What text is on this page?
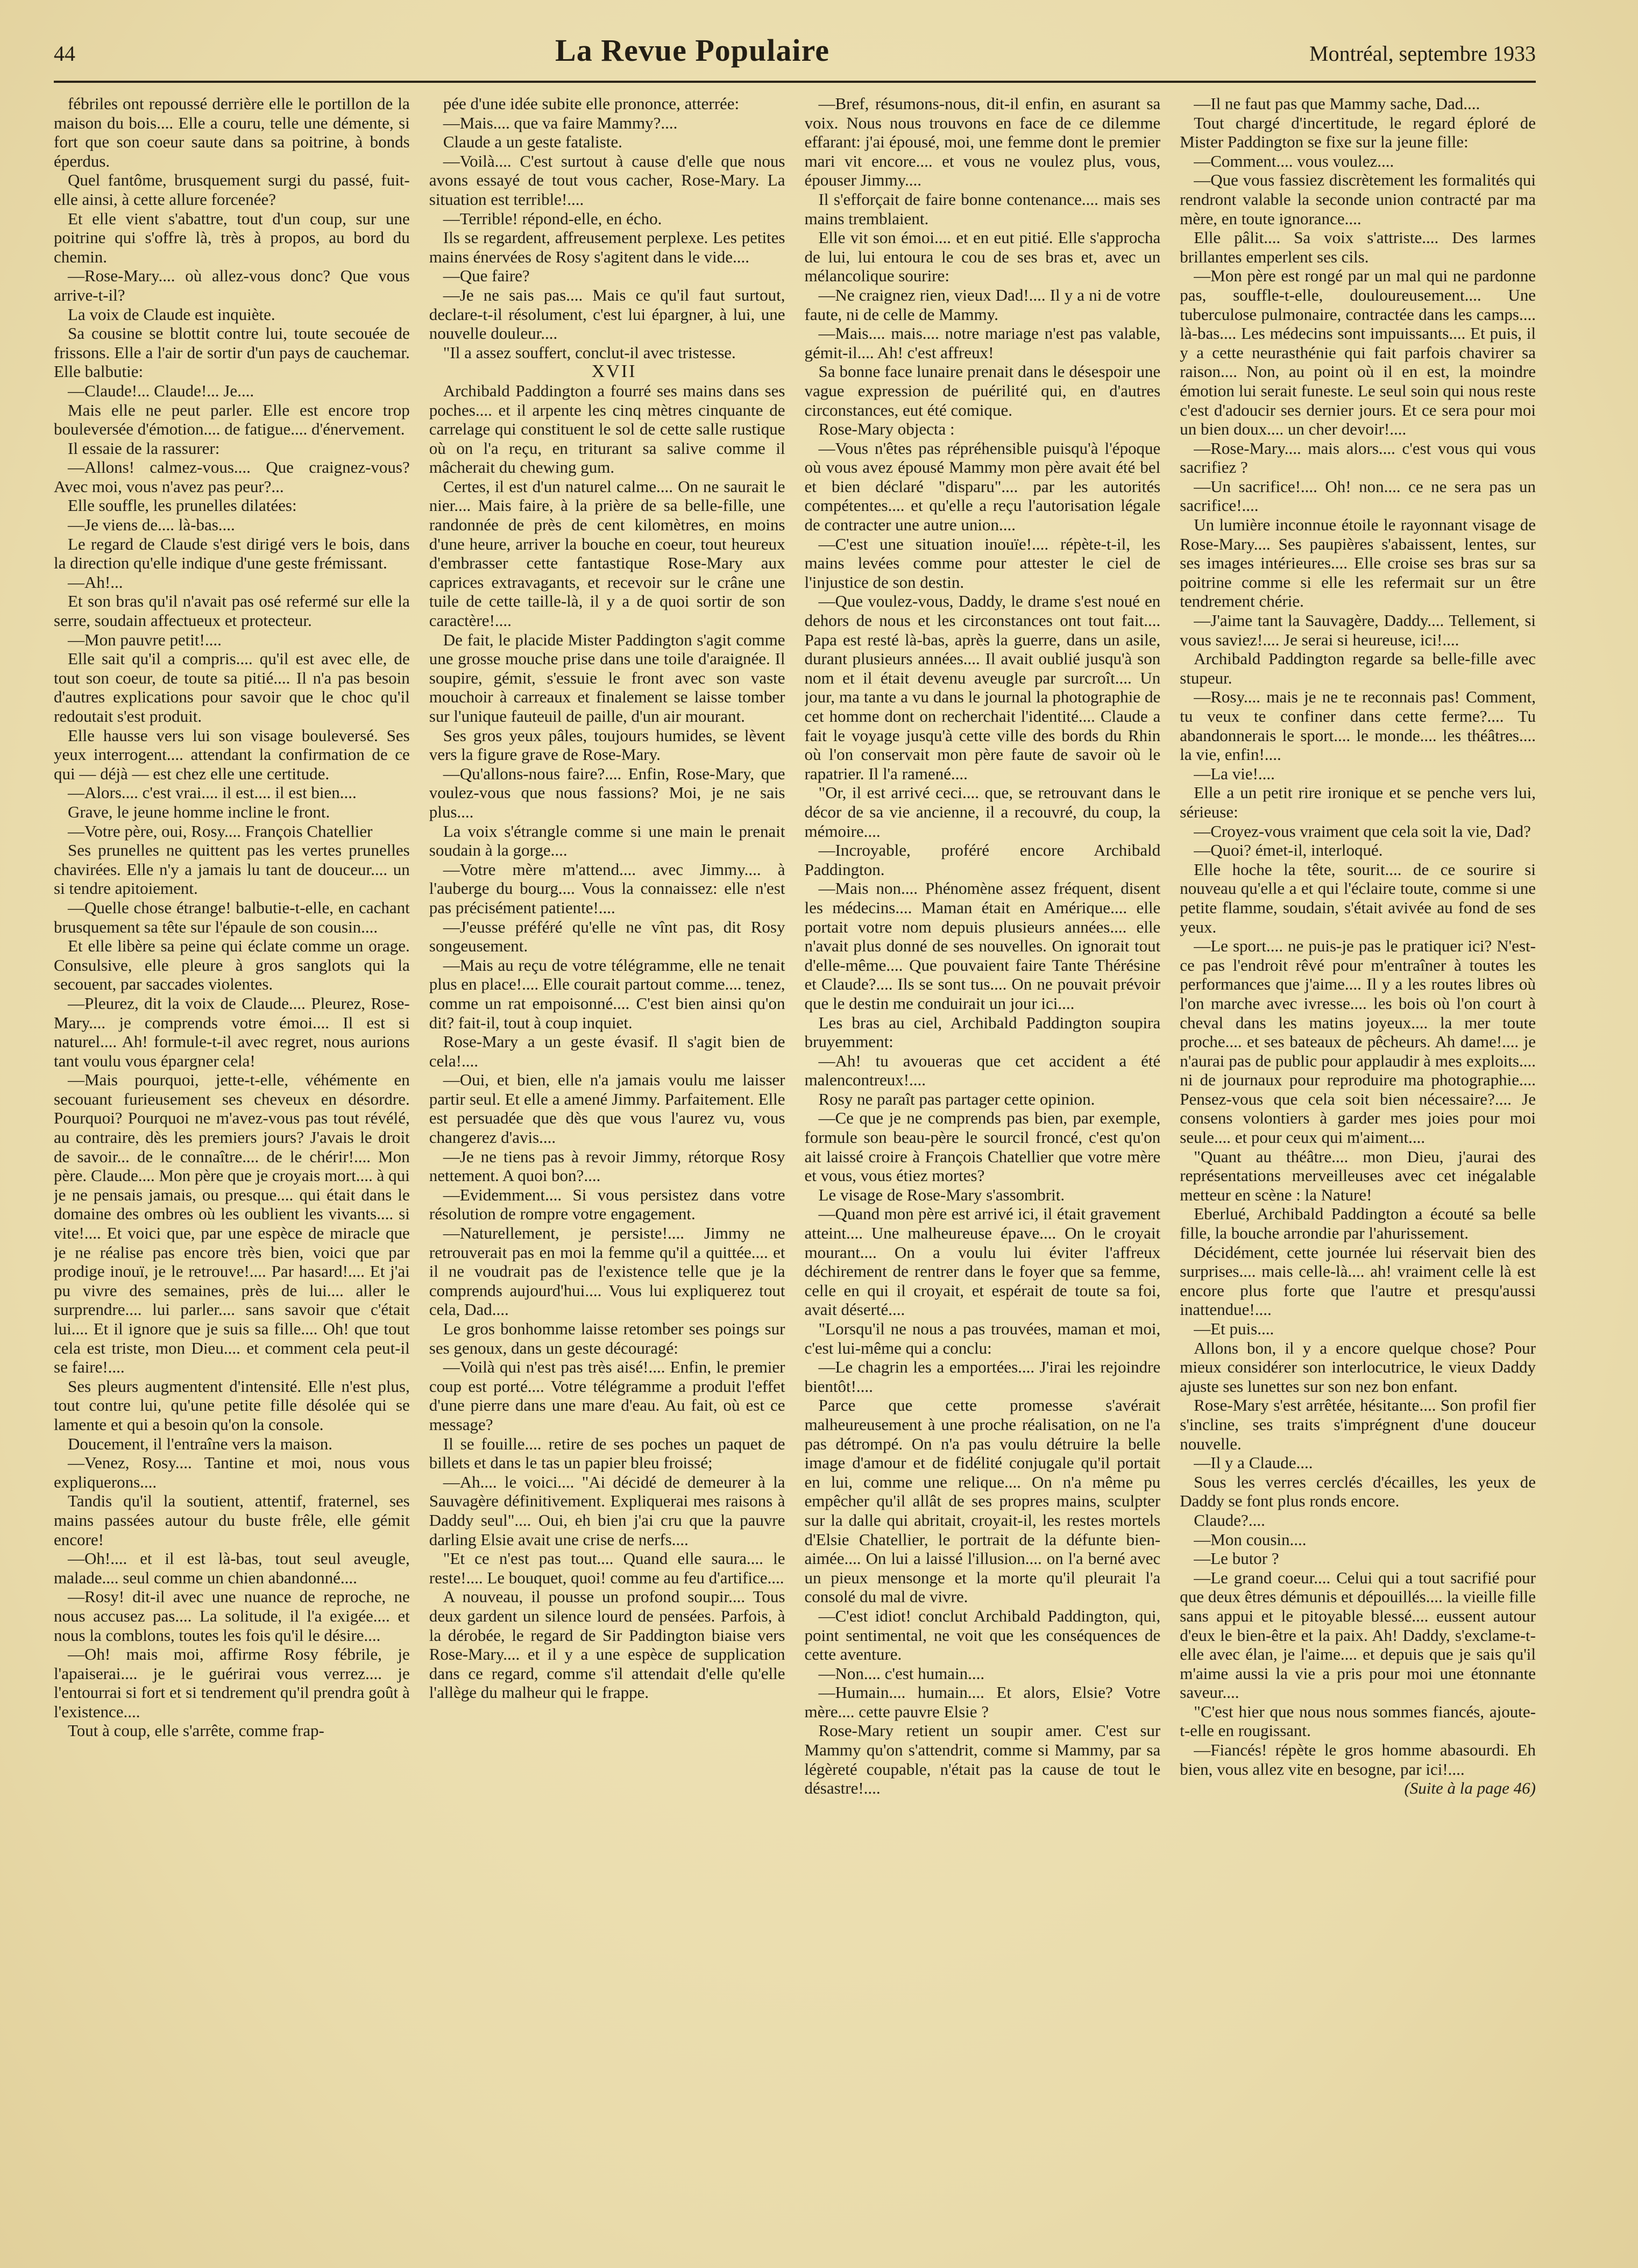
44	La Revue Populaire	Montréal, septembre 1933

fébriles ont repoussé derrière elle le portillon de la maison du bois.... Elle a couru, telle une démente, si fort que son coeur saute dans sa poitrine, à bonds éperdus.

Quel fantôme, brusquement surgi du passé, fuit-elle ainsi, à cette allure forcenée?

Et elle vient s'abattre, tout d'un coup, sur une poitrine qui s'offre là, très à propos, au bord du chemin.

—Rose-Mary.... où allez-vous donc? Que vous arrive-t-il?

La voix de Claude est inquiète.

Sa cousine se blottit contre lui, toute secouée de frissons. Elle a l'air de sortir d'un pays de cauchemar. Elle balbutie:

—Claude!... Claude!... Je....

Mais elle ne peut parler. Elle est encore trop bouleversée d'émotion.... de fatigue.... d'énervement.

Il essaie de la rassurer:

—Allons! calmez-vous.... Que craignez-vous? Avec moi, vous n'avez pas peur?...

Elle souffle, les prunelles dilatées:

—Je viens de.... là-bas....

Le regard de Claude s'est dirigé vers le bois, dans la direction qu'elle indique d'une geste frémissant.

—Ah!...

Et son bras qu'il n'avait pas osé refermé sur elle la serre, soudain affectueux et protecteur.

—Mon pauvre petit!....

Elle sait qu'il a compris.... qu'il est avec elle, de tout son coeur, de toute sa pitié.... Il n'a pas besoin d'autres explications pour savoir que le choc qu'il redoutait s'est produit.

Elle hausse vers lui son visage bouleversé. Ses yeux interrogent.... attendant la confirmation de ce qui — déjà — est chez elle une certitude.

—Alors.... c'est vrai.... il est.... il est bien....

Grave, le jeune homme incline le front.

—Votre père, oui, Rosy.... François Chatellier

Ses prunelles ne quittent pas les vertes prunelles chavirées. Elle n'y a jamais lu tant de douceur.... un si tendre apitoiement.

—Quelle chose étrange! balbutie-t-elle, en cachant brusquement sa tête sur l'épaule de son cousin....

Et elle libère sa peine qui éclate comme un orage. Consulsive, elle pleure à gros sanglots qui la secouent, par saccades violentes.

—Pleurez, dit la voix de Claude.... Pleurez, Rose-Mary.... je comprends votre émoi.... Il est si naturel.... Ah! formule-t-il avec regret, nous aurions tant voulu vous épargner cela!

—Mais pourquoi, jette-t-elle, véhémente en secouant furieusement ses cheveux en désordre. Pourquoi? Pourquoi ne m'avez-vous pas tout révélé, au contraire, dès les premiers jours? J'avais le droit de savoir... de le connaître.... de le chérir!.... Mon père. Claude.... Mon père que je croyais mort.... à qui je ne pensais jamais, ou presque.... qui était dans le domaine des ombres où les oublient les vivants.... si vite!.... Et voici que, par une espèce de miracle que je ne réalise pas encore très bien, voici que par prodige inouï, je le retrouve!.... Par hasard!.... Et j'ai pu vivre des semaines, près de lui.... aller le surprendre.... lui parler.... sans savoir que c'était lui.... Et il ignore que je suis sa fille.... Oh! que tout cela est triste, mon Dieu.... et comment cela peut-il se faire!....

Ses pleurs augmentent d'intensité. Elle n'est plus, tout contre lui, qu'une petite fille désolée qui se lamente et qui a besoin qu'on la console.

Doucement, il l'entraîne vers la maison.

—Venez, Rosy.... Tantine et moi, nous vous expliquerons....

Tandis qu'il la soutient, attentif, fraternel, ses mains passées autour du buste frêle, elle gémit encore!

—Oh!.... et il est là-bas, tout seul aveugle, malade.... seul comme un chien abandonné....

—Rosy! dit-il avec une nuance de reproche, ne nous accusez pas.... La solitude, il l'a exigée.... et nous la comblons, toutes les fois qu'il le désire....

—Oh! mais moi, affirme Rosy fébrile, je l'apaiserai.... je le guérirai vous verrez.... je l'entourrai si fort et si tendrement qu'il prendra goût à l'existence....

Tout à coup, elle s'arrête, comme frap-

pée d'une idée subite elle prononce, atterrée:

—Mais.... que va faire Mammy?....

Claude a un geste fataliste.

—Voilà.... C'est surtout à cause d'elle que nous avons essayé de tout vous cacher, Rose-Mary. La situation est terrible!....

—Terrible! répond-elle, en écho.

Ils se regardent, affreusement perplexe. Les petites mains énervées de Rosy s'agitent dans le vide....

—Que faire?

—Je ne sais pas.... Mais ce qu'il faut surtout, declare-t-il résolument, c'est lui épargner, à lui, une nouvelle douleur....

"Il a assez souffert, conclut-il avec tristesse.

XVII

Archibald Paddington a fourré ses mains dans ses poches.... et il arpente les cinq mètres cinquante de carrelage qui constituent le sol de cette salle rustique où on l'a reçu, en triturant sa salive comme il mâcherait du chewing gum.

Certes, il est d'un naturel calme.... On ne saurait le nier.... Mais faire, à la prière de sa belle-fille, une randonnée de près de cent kilomètres, en moins d'une heure, arriver la bouche en coeur, tout heureux d'embrasser cette fantastique Rose-Mary aux caprices extravagants, et recevoir sur le crâne une tuile de cette taille-là, il y a de quoi sortir de son caractère!....

De fait, le placide Mister Paddington s'agit comme une grosse mouche prise dans une toile d'araignée. Il soupire, gémit, s'essuie le front avec son vaste mouchoir à carreaux et finalement se laisse tomber sur l'unique fauteuil de paille, d'un air mourant.

Ses gros yeux pâles, toujours humides, se lèvent vers la figure grave de Rose-Mary.

—Qu'allons-nous faire?.... Enfin, Rose-Mary, que voulez-vous que nous fassions? Moi, je ne sais plus....

La voix s'étrangle comme si une main le prenait soudain à la gorge....

—Votre mère m'attend.... avec Jimmy.... à l'auberge du bourg.... Vous la connaissez: elle n'est pas précisément patiente!....

—J'eusse préféré qu'elle ne vînt pas, dit Rosy songeusement.

—Mais au reçu de votre télégramme, elle ne tenait plus en place!.... Elle courait partout comme.... tenez, comme un rat empoisonné.... C'est bien ainsi qu'on dit? fait-il, tout à coup inquiet.

Rose-Mary a un geste évasif. Il s'agit bien de cela!....

—Oui, et bien, elle n'a jamais voulu me laisser partir seul. Et elle a amené Jimmy. Parfaitement. Elle est persuadée que dès que vous l'aurez vu, vous changerez d'avis....

—Je ne tiens pas à revoir Jimmy, rétorque Rosy nettement. A quoi bon?....

—Evidemment.... Si vous persistez dans votre résolution de rompre votre engagement.

—Naturellement, je persiste!.... Jimmy ne retrouverait pas en moi la femme qu'il a quittée.... et il ne voudrait pas de l'existence telle que je la comprends aujourd'hui.... Vous lui expliquerez tout cela, Dad....

Le gros bonhomme laisse retomber ses poings sur ses genoux, dans un geste découragé:

—Voilà qui n'est pas très aisé!.... Enfin, le premier coup est porté.... Votre télégramme a produit l'effet d'une pierre dans une mare d'eau. Au fait, où est ce message?

Il se fouille.... retire de ses poches un paquet de billets et dans le tas un papier bleu froissé;

—Ah.... le voici.... "Ai décidé de demeurer à la Sauvagère définitivement. Expliquerai mes raisons à Daddy seul".... Oui, eh bien j'ai cru que la pauvre darling Elsie avait une crise de nerfs....

"Et ce n'est pas tout.... Quand elle saura.... le reste!.... Le bouquet, quoi! comme au feu d'artifice....

A nouveau, il pousse un profond soupir.... Tous deux gardent un silence lourd de pensées. Parfois, à la dérobée, le regard de Sir Paddington biaise vers Rose-Mary.... et il y a une espèce de supplication dans ce regard, comme s'il attendait d'elle qu'elle l'allège du malheur qui le frappe.

—Bref, résumons-nous, dit-il enfin, en asurant sa voix. Nous nous trouvons en face de ce dilemme effarant: j'ai épousé, moi, une femme dont le premier mari vit encore.... et vous ne voulez plus, vous, épouser Jimmy....

Il s'efforçait de faire bonne contenance.... mais ses mains tremblaient.

Elle vit son émoi.... et en eut pitié. Elle s'approcha de lui, lui entoura le cou de ses bras et, avec un mélancolique sourire:

—Ne craignez rien, vieux Dad!.... Il y a ni de votre faute, ni de celle de Mammy.

—Mais.... mais.... notre mariage n'est pas valable, gémit-il.... Ah! c'est affreux!

Sa bonne face lunaire prenait dans le désespoir une vague expression de puérilité qui, en d'autres circonstances, eut été comique.

Rose-Mary objecta :

—Vous n'êtes pas répréhensible puisqu'à l'époque où vous avez épousé Mammy mon père avait été bel et bien déclaré "disparu".... par les autorités compétentes.... et qu'elle a reçu l'autorisation légale de contracter une autre union....

—C'est une situation inouïe!.... répète-t-il, les mains levées comme pour attester le ciel de l'injustice de son destin.

—Que voulez-vous, Daddy, le drame s'est noué en dehors de nous et les circonstances ont tout fait.... Papa est resté là-bas, après la guerre, dans un asile, durant plusieurs années.... Il avait oublié jusqu'à son nom et il était devenu aveugle par surcroît.... Un jour, ma tante a vu dans le journal la photographie de cet homme dont on recherchait l'identité.... Claude a fait le voyage jusqu'à cette ville des bords du Rhin où l'on conservait mon père faute de savoir où le rapatrier. Il l'a ramené....

"Or, il est arrivé ceci.... que, se retrouvant dans le décor de sa vie ancienne, il a recouvré, du coup, la mémoire....

—Incroyable, proféré encore Archibald Paddington.

—Mais non.... Phénomène assez fréquent, disent les médecins.... Maman était en Amérique.... elle portait votre nom depuis plusieurs années.... elle n'avait plus donné de ses nouvelles. On ignorait tout d'elle-même.... Que pouvaient faire Tante Thérésine et Claude?.... Ils se sont tus.... On ne pouvait prévoir que le destin me conduirait un jour ici....

Les bras au ciel, Archibald Paddington soupira bruyemment:

—Ah! tu avoueras que cet accident a été malencontreux!....

Rosy ne paraît pas partager cette opinion.

—Ce que je ne comprends pas bien, par exemple, formule son beau-père le sourcil froncé, c'est qu'on ait laissé croire à François Chatellier que votre mère et vous, vous étiez mortes?

Le visage de Rose-Mary s'assombrit.

—Quand mon père est arrivé ici, il était gravement atteint.... Une malheureuse épave.... On le croyait mourant.... On a voulu lui éviter l'affreux déchirement de rentrer dans le foyer que sa femme, celle en qui il croyait, et espérait de toute sa foi, avait déserté....

"Lorsqu'il ne nous a pas trouvées, maman et moi, c'est lui-même qui a conclu:

—Le chagrin les a emportées.... J'irai les rejoindre bientôt!....

Parce que cette promesse s'avérait malheureusement à une proche réalisation, on ne l'a pas détrompé. On n'a pas voulu détruire la belle image d'amour et de fidélité conjugale qu'il portait en lui, comme une relique.... On n'a même pu empêcher qu'il allât de ses propres mains, sculpter sur la dalle qui abritait, croyait-il, les restes mortels d'Elsie Chatellier, le portrait de la défunte bien-aimée.... On lui a laissé l'illusion.... on l'a berné avec un pieux mensonge et la morte qu'il pleurait l'a consolé du mal de vivre.

—C'est idiot! conclut Archibald Paddington, qui, point sentimental, ne voit que les conséquences de cette aventure.

—Non.... c'est humain....

—Humain.... humain.... Et alors, Elsie? Votre mère.... cette pauvre Elsie ?

Rose-Mary retient un soupir amer. C'est sur Mammy qu'on s'attendrit, comme si Mammy, par sa légèreté coupable, n'était pas la cause de tout le désastre!....

—Il ne faut pas que Mammy sache, Dad....

Tout chargé d'incertitude, le regard éploré de Mister Paddington se fixe sur la jeune fille:

—Comment.... vous voulez....

—Que vous fassiez discrètement les formalités qui rendront valable la seconde union contracté par ma mère, en toute ignorance....

Elle pâlit.... Sa voix s'attriste.... Des larmes brillantes emperlent ses cils.

—Mon père est rongé par un mal qui ne pardonne pas, souffle-t-elle, douloureusement.... Une tuberculose pulmonaire, contractée dans les camps.... là-bas.... Les médecins sont impuissants.... Et puis, il y a cette neurasthénie qui fait parfois chavirer sa raison.... Non, au point où il en est, la moindre émotion lui serait funeste. Le seul soin qui nous reste c'est d'adoucir ses dernier jours. Et ce sera pour moi un bien doux.... un cher devoir!....

—Rose-Mary.... mais alors.... c'est vous qui vous sacrifiez ?

—Un sacrifice!.... Oh! non.... ce ne sera pas un sacrifice!....

Un lumière inconnue étoile le rayonnant visage de Rose-Mary.... Ses paupières s'abaissent, lentes, sur ses images intérieures.... Elle croise ses bras sur sa poitrine comme si elle les refermait sur un être tendrement chérie.

—J'aime tant la Sauvagère, Daddy.... Tellement, si vous saviez!.... Je serai si heureuse, ici!....

Archibald Paddington regarde sa belle-fille avec stupeur.

—Rosy.... mais je ne te reconnais pas! Comment, tu veux te confiner dans cette ferme?.... Tu abandonnerais le sport.... le monde.... les théâtres.... la vie, enfin!....

—La vie!....

Elle a un petit rire ironique et se penche vers lui, sérieuse:

—Croyez-vous vraiment que cela soit la vie, Dad?

—Quoi? émet-il, interloqué.

Elle hoche la tête, sourit.... de ce sourire si nouveau qu'elle a et qui l'éclaire toute, comme si une petite flamme, soudain, s'était avivée au fond de ses yeux.

—Le sport.... ne puis-je pas le pratiquer ici? N'est-ce pas l'endroit rêvé pour m'entraîner à toutes les performances que j'aime.... Il y a les routes libres où l'on marche avec ivresse.... les bois où l'on court à cheval dans les matins joyeux.... la mer toute proche.... et ses bateaux de pêcheurs. Ah dame!.... je n'aurai pas de public pour applaudir à mes exploits.... ni de journaux pour reproduire ma photographie.... Pensez-vous que cela soit bien nécessaire?.... Je consens volontiers à garder mes joies pour moi seule.... et pour ceux qui m'aiment....

"Quant au théâtre.... mon Dieu, j'aurai des représentations merveilleuses avec cet inégalable metteur en scène : la Nature!

Eberlué, Archibald Paddington a écouté sa belle fille, la bouche arrondie par l'ahurissement.

Décidément, cette journée lui réservait bien des surprises.... mais celle-là.... ah! vraiment celle là est encore plus forte que l'autre et presqu'aussi inattendue!....

—Et puis....

Allons bon, il y a encore quelque chose? Pour mieux considérer son interlocutrice, le vieux Daddy ajuste ses lunettes sur son nez bon enfant.

Rose-Mary s'est arrêtée, hésitante.... Son profil fier s'incline, ses traits s'imprégnent d'une douceur nouvelle.

—Il y a Claude....

Sous les verres cerclés d'écailles, les yeux de Daddy se font plus ronds encore.

Claude?....

—Mon cousin....

—Le butor ?

—Le grand coeur.... Celui qui a tout sacrifié pour que deux êtres démunis et dépouillés.... la vieille fille sans appui et le pitoyable blessé.... eussent autour d'eux le bien-être et la paix. Ah! Daddy, s'exclame-t-elle avec élan, je l'aime.... et depuis que je sais qu'il m'aime aussi la vie a pris pour moi une étonnante saveur....

"C'est hier que nous nous sommes fiancés, ajoute-t-elle en rougissant.

—Fiancés! répète le gros homme abasourdi. Eh bien, vous allez vite en besogne, par ici!....

(Suite à la page 46)
